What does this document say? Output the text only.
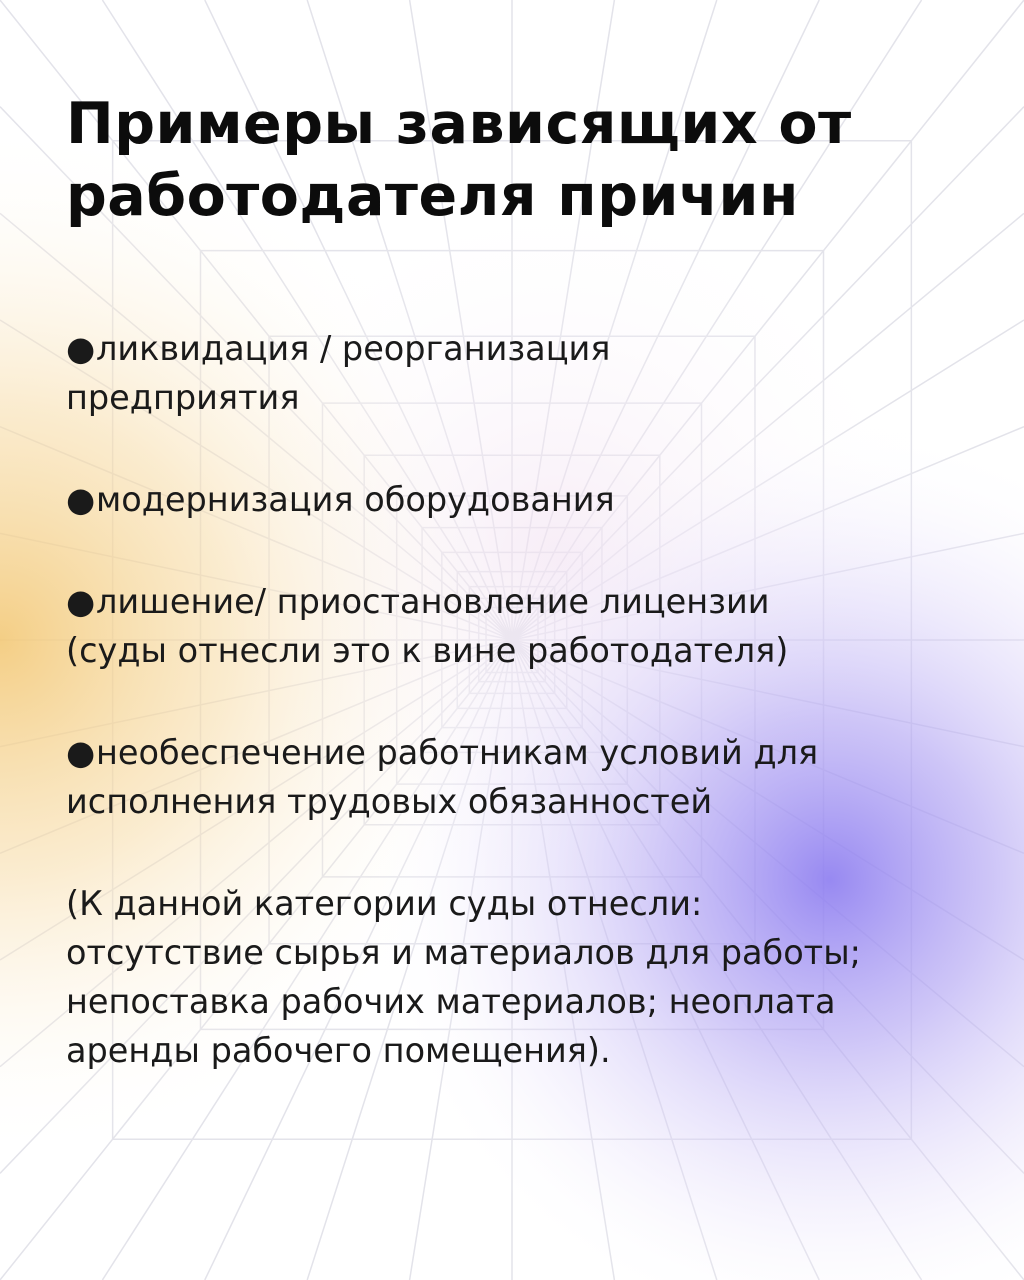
Примеры зависящих от
работодателя причин

●ликвидация / реорганизация
предприятия

●модернизация оборудования

●лишение/ приостановление лицензии
(суды отнесли это к вине работодателя)

●необеспечение работникам условий для
исполнения трудовых обязанностей

(К данной категории суды отнесли:
отсутствие сырья и материалов для работы;
непоставка рабочих материалов; неоплата
аренды рабочего помещения).
